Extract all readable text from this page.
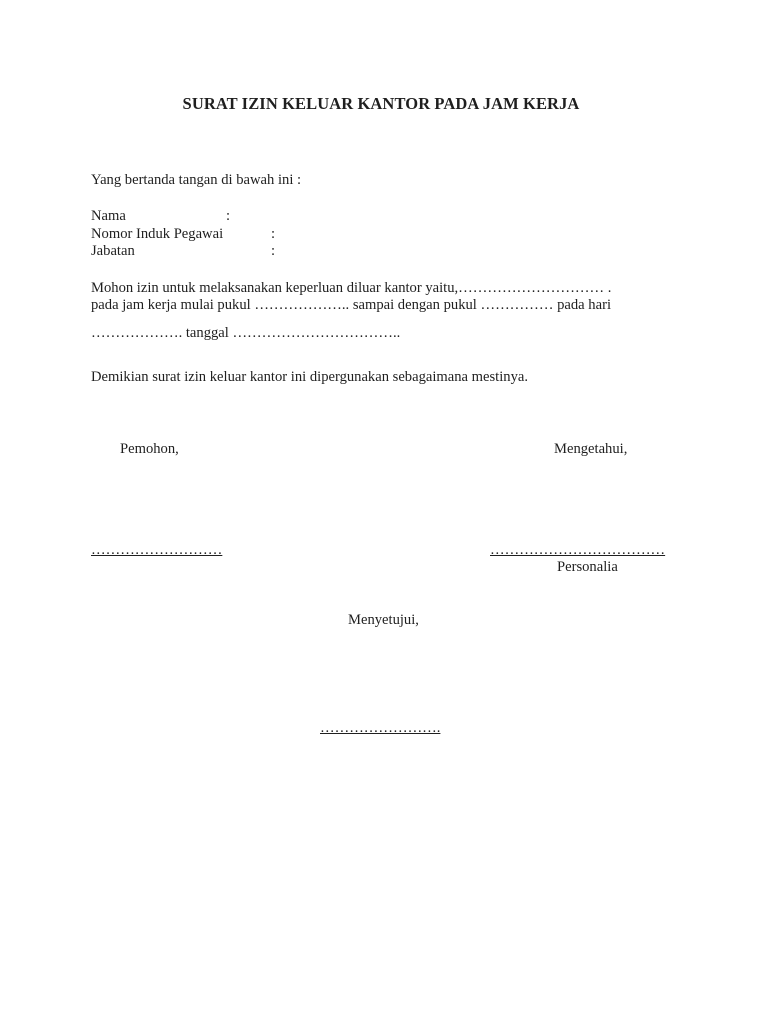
SURAT IZIN KELUAR KANTOR PADA JAM KERJA
Yang bertanda tangan di bawah ini :
Nama	:
Nomor Induk Pegawai	:
Jabatan	:
Mohon izin untuk melaksanakan keperluan diluar kantor yaitu,………………………… .
pada jam kerja mulai pukul ……………….. sampai dengan pukul …………… pada hari
………………. tanggal ……………………………..
Demikian surat izin keluar kantor ini dipergunakan sebagaimana mestinya.
Pemohon,	Mengetahui,
………………………	………………………………
Personalia
Menyetujui,
…………………….
